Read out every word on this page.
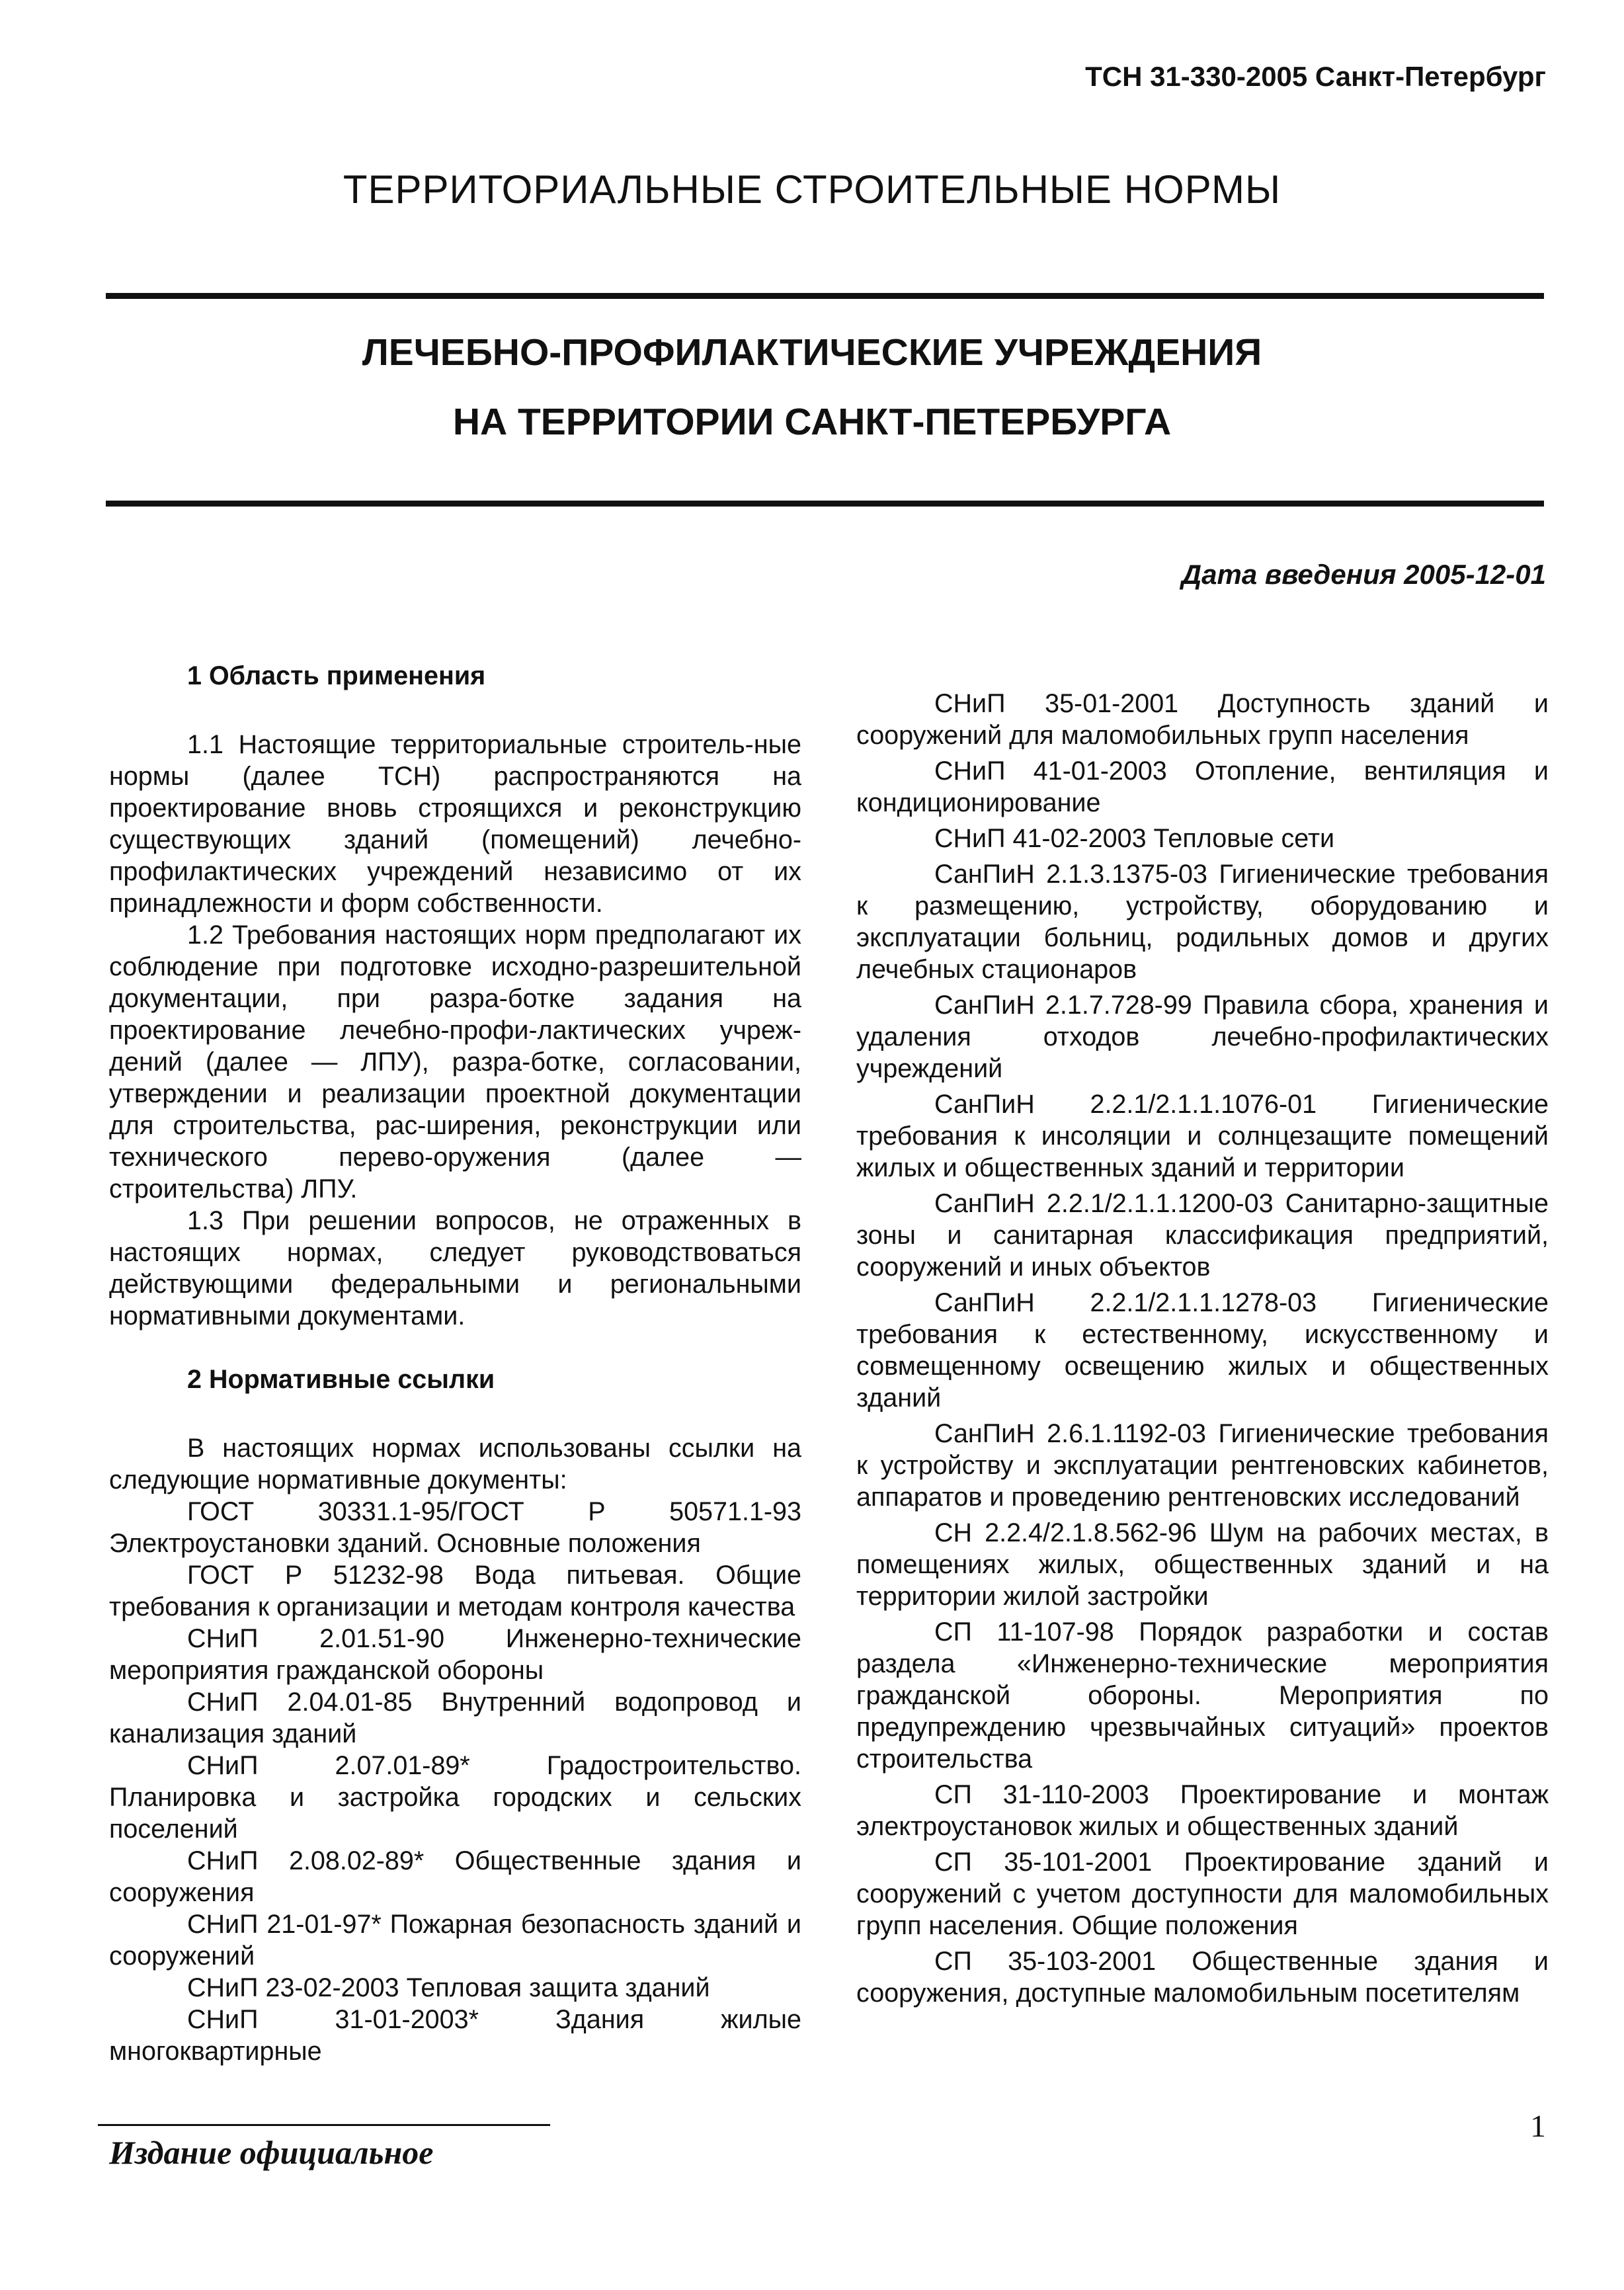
ТСН 31-330-2005 Санкт-Петербург
ТЕРРИТОРИАЛЬНЫЕ СТРОИТЕЛЬНЫЕ НОРМЫ
ЛЕЧЕБНО-ПРОФИЛАКТИЧЕСКИЕ УЧРЕЖДЕНИЯ
НА ТЕРРИТОРИИ САНКТ-ПЕТЕРБУРГА
Дата введения 2005-12-01
1 Область применения

1.1 Настоящие территориальные строитель-ные нормы (далее ТСН) распространяются на проектирование вновь строящихся и реконструкцию существующих зданий (помещений) лечебно-профилактических учреждений независимо от их принадлежности и форм собственности.

1.2 Требования настоящих норм предполагают их соблюдение при подготовке исходно-разрешительной документации, при разра-ботке задания на проектирование лечебно-профи-лактических учреж-дений (далее — ЛПУ), разра-ботке, согласовании, утверждении и реализации проектной документации для строительства, рас-ширения, реконструкции или технического перево-оружения (далее — строительства) ЛПУ.

1.3 При решении вопросов, не отраженных в настоящих нормах, следует руководствоваться действующими федеральными и региональными нормативными документами.

2 Нормативные ссылки

В настоящих нормах использованы ссылки на следующие нормативные документы:

ГОСТ 30331.1-95/ГОСТ Р 50571.1-93 Электроустановки зданий. Основные положения

ГОСТ Р 51232-98 Вода питьевая. Общие требования к организации и методам контроля качества

СНиП 2.01.51-90 Инженерно-технические мероприятия гражданской обороны

СНиП 2.04.01-85 Внутренний водопровод и канализация зданий

СНиП 2.07.01-89* Градостроительство. Планировка и застройка городских и сельских поселений

СНиП 2.08.02-89* Общественные здания и сооружения

СНиП 21-01-97* Пожарная безопасность зданий и сооружений

СНиП 23-02-2003 Тепловая защита зданий

СНиП 31-01-2003* Здания жилые многоквартирные

СНиП 35-01-2001 Доступность зданий и сооружений для маломобильных групп населения

СНиП 41-01-2003 Отопление, вентиляция и кондиционирование

СНиП 41-02-2003 Тепловые сети

СанПиН 2.1.3.1375-03 Гигиенические требования к размещению, устройству, оборудованию и эксплуатации больниц, родильных домов и других лечебных стационаров

СанПиН 2.1.7.728-99 Правила сбора, хранения и удаления отходов лечебно-профилактических учреждений

СанПиН 2.2.1/2.1.1.1076-01 Гигиенические требования к инсоляции и солнцезащите помещений жилых и общественных зданий и территории

СанПиН 2.2.1/2.1.1.1200-03 Санитарно-защитные зоны и санитарная классификация предприятий, сооружений и иных объектов

СанПиН 2.2.1/2.1.1.1278-03 Гигиенические требования к естественному, искусственному и совмещенному освещению жилых и общественных зданий

СанПиН 2.6.1.1192-03 Гигиенические требования к устройству и эксплуатации рентгеновских кабинетов, аппаратов и проведению рентгеновских исследований

СН 2.2.4/2.1.8.562-96 Шум на рабочих местах, в помещениях жилых, общественных зданий и на территории жилой застройки

СП 11-107-98 Порядок разработки и состав раздела «Инженерно-технические мероприятия гражданской обороны. Мероприятия по предупреждению чрезвычайных ситуаций» проектов строительства

СП 31-110-2003 Проектирование и монтаж электроустановок жилых и общественных зданий

СП 35-101-2001 Проектирование зданий и сооружений с учетом доступности для маломобильных групп населения. Общие положения

СП 35-103-2001 Общественные здания и сооружения, доступные маломобильным посетителям

Издание официальное
1
